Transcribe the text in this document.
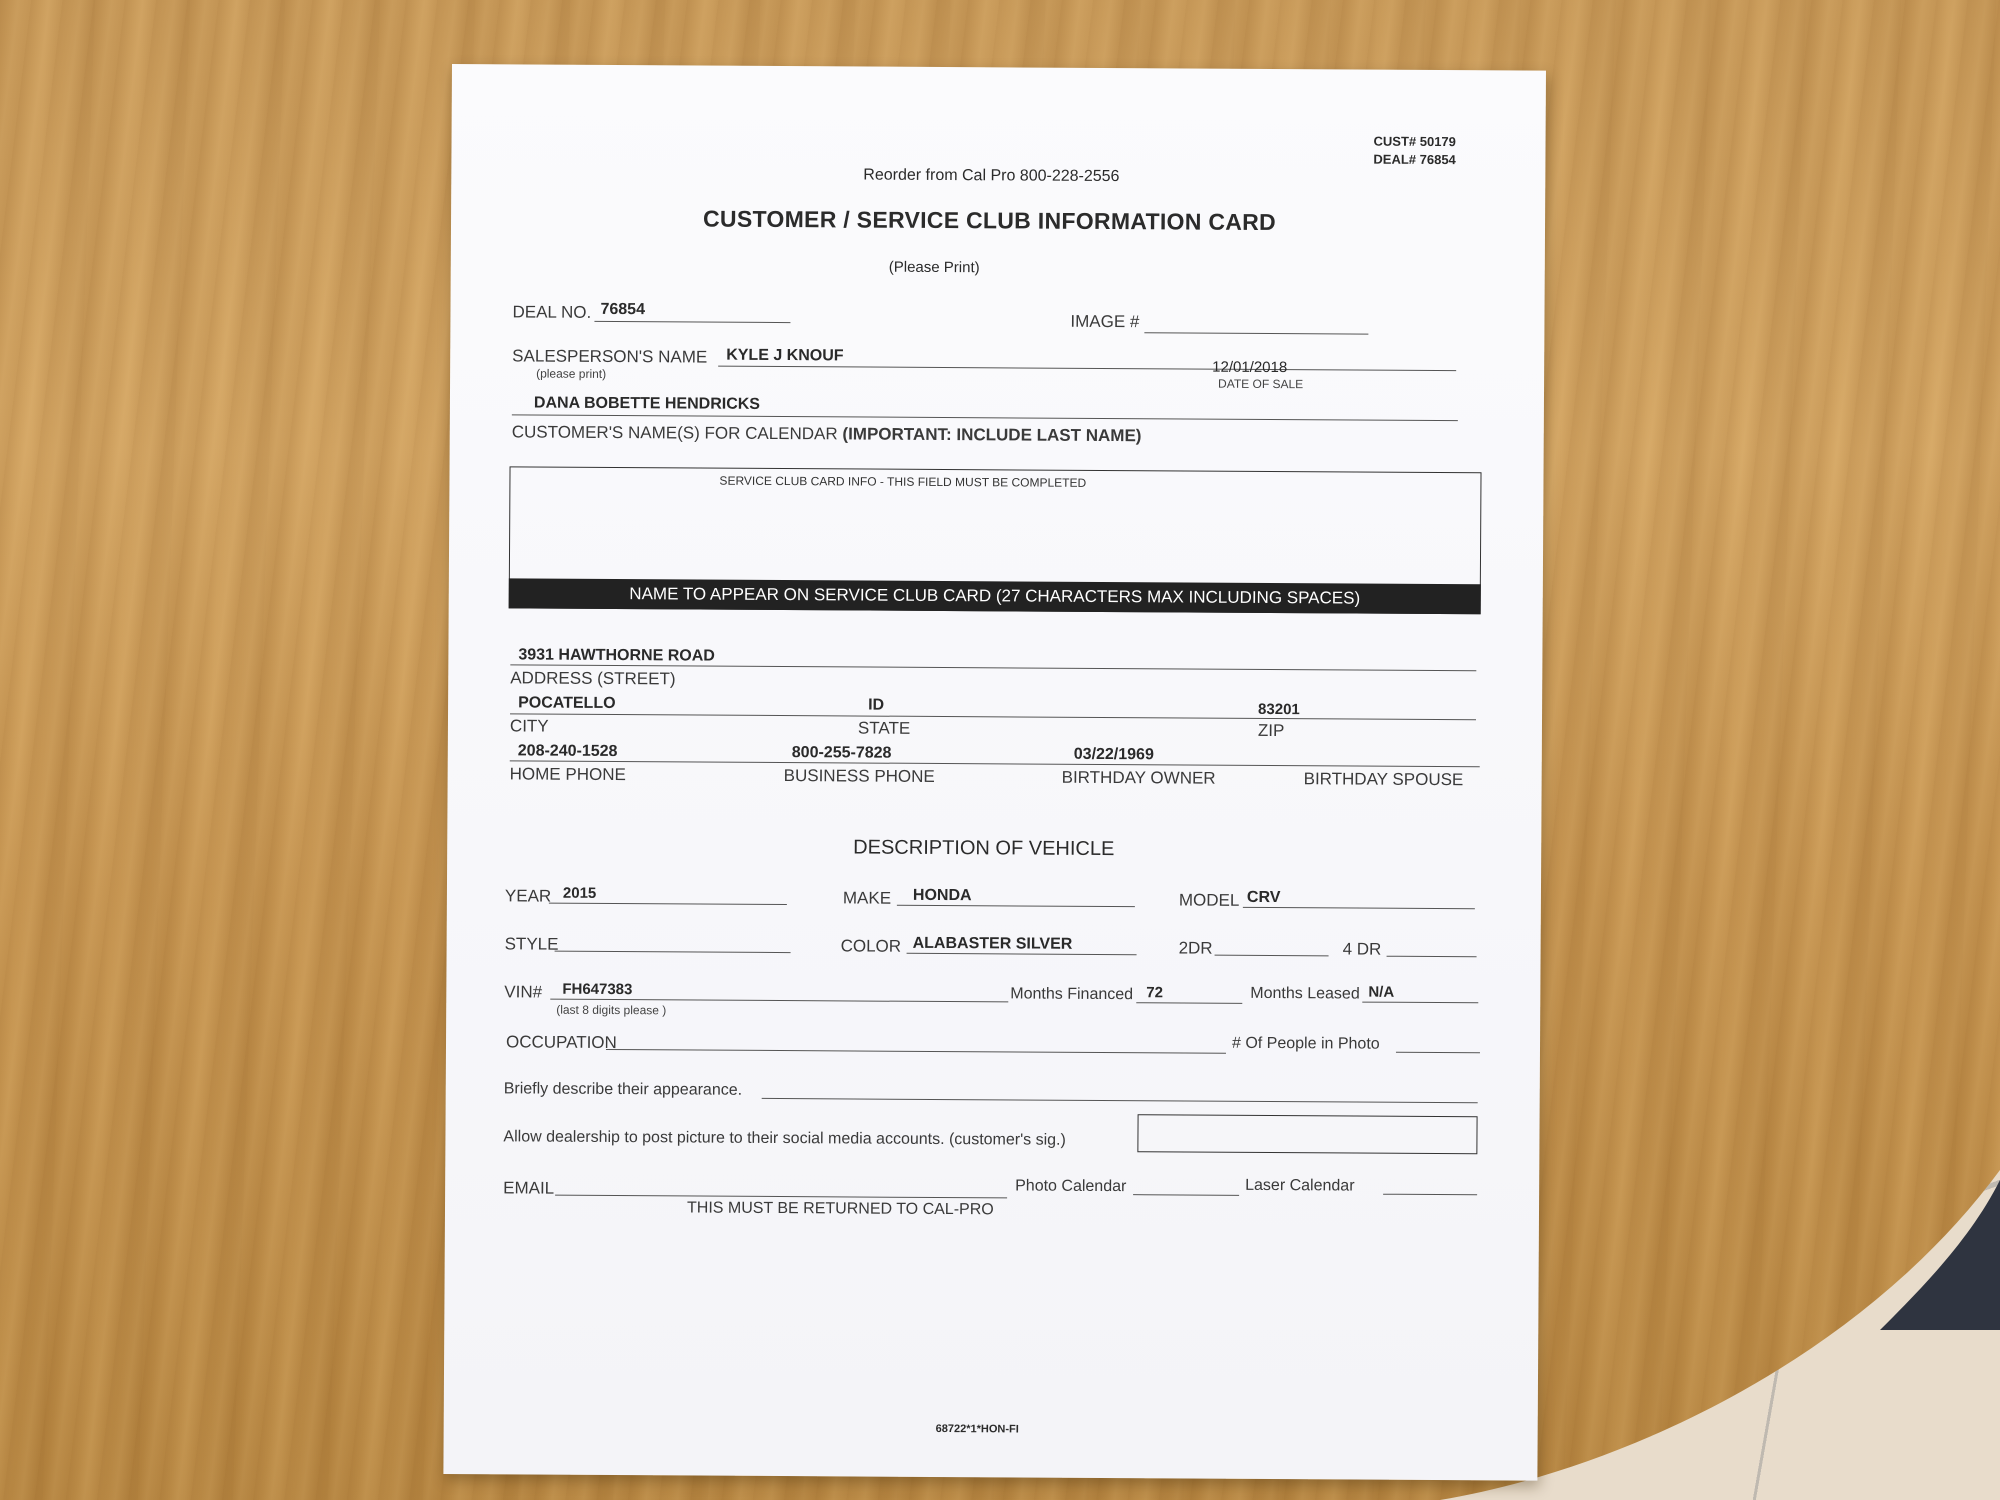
CUST# 50179
DEAL# 76854
Reorder from Cal Pro 800-228-2556
CUSTOMER / SERVICE CLUB INFORMATION CARD
(Please Print)
DEAL NO. 76854
IMAGE #
SALESPERSON'S NAME
(please print)
KYLE J KNOUF
12/01/2018
DATE OF SALE
DANA BOBETTE HENDRICKS
CUSTOMER'S NAME(S) FOR CALENDAR (IMPORTANT: INCLUDE LAST NAME)
SERVICE CLUB CARD INFO - THIS FIELD MUST BE COMPLETED
NAME TO APPEAR ON SERVICE CLUB CARD (27 CHARACTERS MAX INCLUDING SPACES)
3931 HAWTHORNE ROAD
ADDRESS (STREET)
POCATELLO	ID	83201
CITY	STATE	ZIP
208-240-1528	800-255-7828	03/22/1969
HOME PHONE	BUSINESS PHONE	BIRTHDAY OWNER	BIRTHDAY SPOUSE
DESCRIPTION OF VEHICLE
YEAR 2015	MAKE HONDA	MODEL CRV
STYLE	COLOR ALABASTER SILVER	2DR	4 DR
VIN# FH647383
(last 8 digits please )
Months Financed 72	Months Leased N/A
OCCUPATION	# Of People in Photo
Briefly describe their appearance.
Allow dealership to post picture to their social media accounts. (customer's sig.)
EMAIL	Photo Calendar	Laser Calendar
THIS MUST BE RETURNED TO CAL-PRO
68722*1*HON-FI
